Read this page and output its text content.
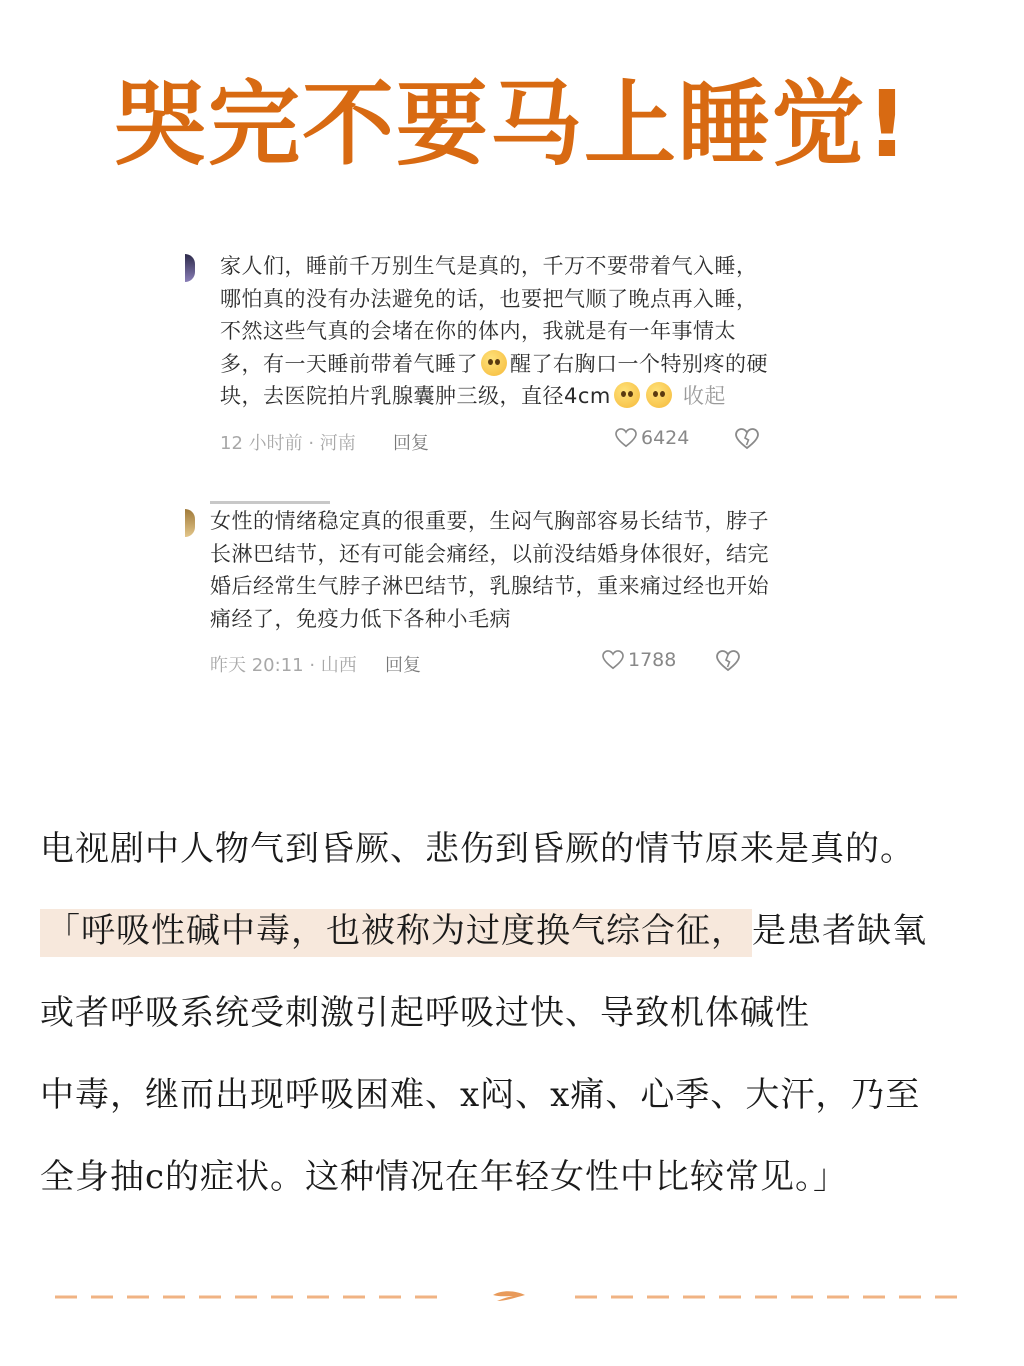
哭完不要马上睡觉!

家人们，睡前千万别生气是真的，千万不要带着气入睡，哪怕真的没有办法避免的话，也要把气顺了晚点再入睡，不然这些气真的会堵在你的体内，我就是有一年事情太多，有一天睡前带着气睡了 醒了右胸口一个特别疼的硬块，去医院拍片乳腺囊肿三级，直径4cm	收起

12 小时前 · 河南 回复	6424

女性的情绪稳定真的很重要，生闷气胸部容易长结节，脖子长淋巴结节，还有可能会痛经，以前没结婚身体很好，结完婚后经常生气脖子淋巴结节，乳腺结节，重来痛过经也开始痛经了，免疫力低下各种小毛病

昨天 20:11 · 山西 回复	1788

电视剧中人物气到昏厥、悲伤到昏厥的情节原来是真的。

「呼吸性碱中毒，也被称为过度换气综合征， 是患者缺氧

或者呼吸系统受刺激引起呼吸过快、导致机体碱性

中毒，继而出现呼吸困难、x闷、x痛、心季、大汗，乃至

全身抽c的症状。这种情况在年轻女性中比较常见。」
